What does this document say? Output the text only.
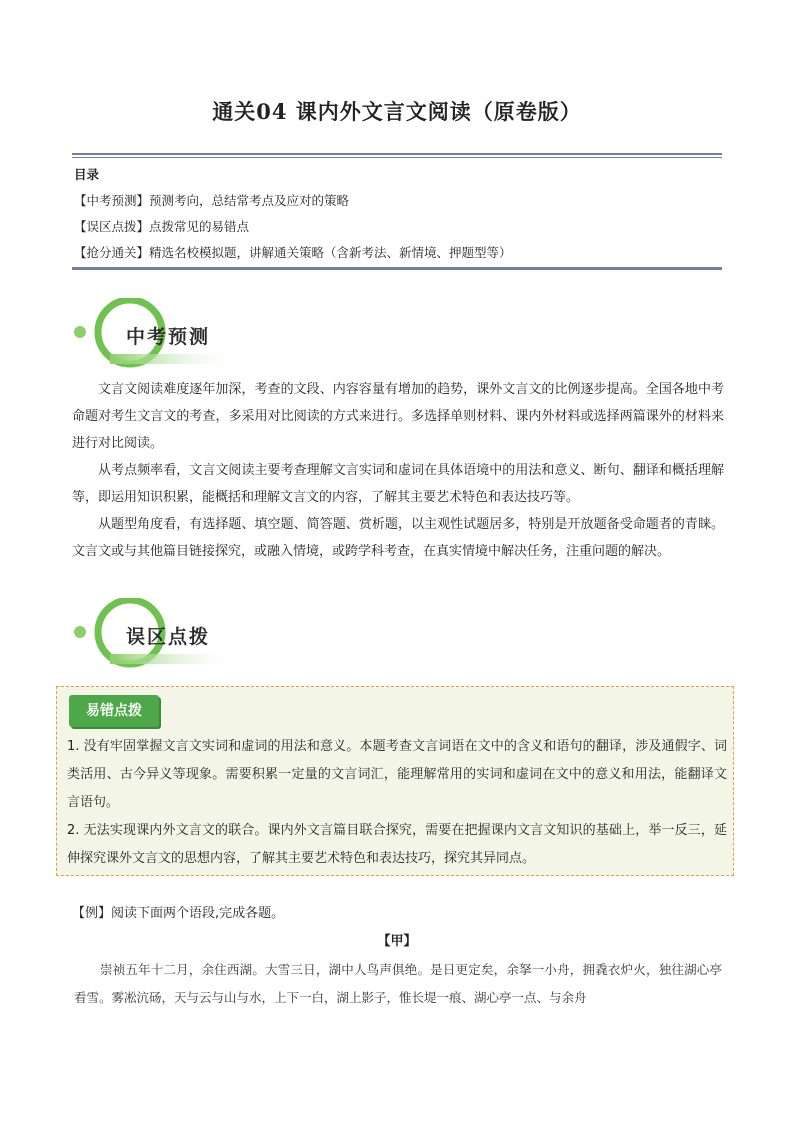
通关04 课内外文言文阅读（原卷版）
目录
【中考预测】预测考向，总结常考点及应对的策略
【误区点拨】点拨常见的易错点
【抢分通关】精选名校模拟题，讲解通关策略（含新考法、新情境、押题型等）
中考预测
文言文阅读难度逐年加深，考查的文段、内容容量有增加的趋势，课外文言文的比例逐步提高。全国各地中考命题对考生文言文的考查，多采用对比阅读的方式来进行。多选择单则材料、课内外材料或选择两篇课外的材料来进行对比阅读。
从考点频率看，文言文阅读主要考查理解文言实词和虚词在具体语境中的用法和意义、断句、翻译和概括理解等，即运用知识积累，能概括和理解文言文的内容，了解其主要艺术特色和表达技巧等。
从题型角度看，有选择题、填空题、简答题、赏析题，以主观性试题居多，特别是开放题备受命题者的青睐。文言文或与其他篇目链接探究，或融入情境，或跨学科考查，在真实情境中解决任务，注重问题的解决。
误区点拨
易错点拨
1. 没有牢固掌握文言文实词和虚词的用法和意义。本题考查文言词语在文中的含义和语句的翻译，涉及通假字、词类活用、古今异义等现象。需要积累一定量的文言词汇，能理解常用的实词和虚词在文中的意义和用法，能翻译文言语句。
2. 无法实现课内外文言文的联合。课内外文言篇目联合探究，需要在把握课内文言文知识的基础上，举一反三，延伸探究课外文言文的思想内容，了解其主要艺术特色和表达技巧，探究其异同点。
【例】阅读下面两个语段,完成各题。
【甲】
崇祯五年十二月，余住西湖。大雪三日，湖中人鸟声俱绝。是日更定矣，余拏一小舟，拥毳衣炉火，独往湖心亭看雪。雾凇沆砀，天与云与山与水，上下一白，湖上影子，惟长堤一痕、湖心亭一点、与余舟
